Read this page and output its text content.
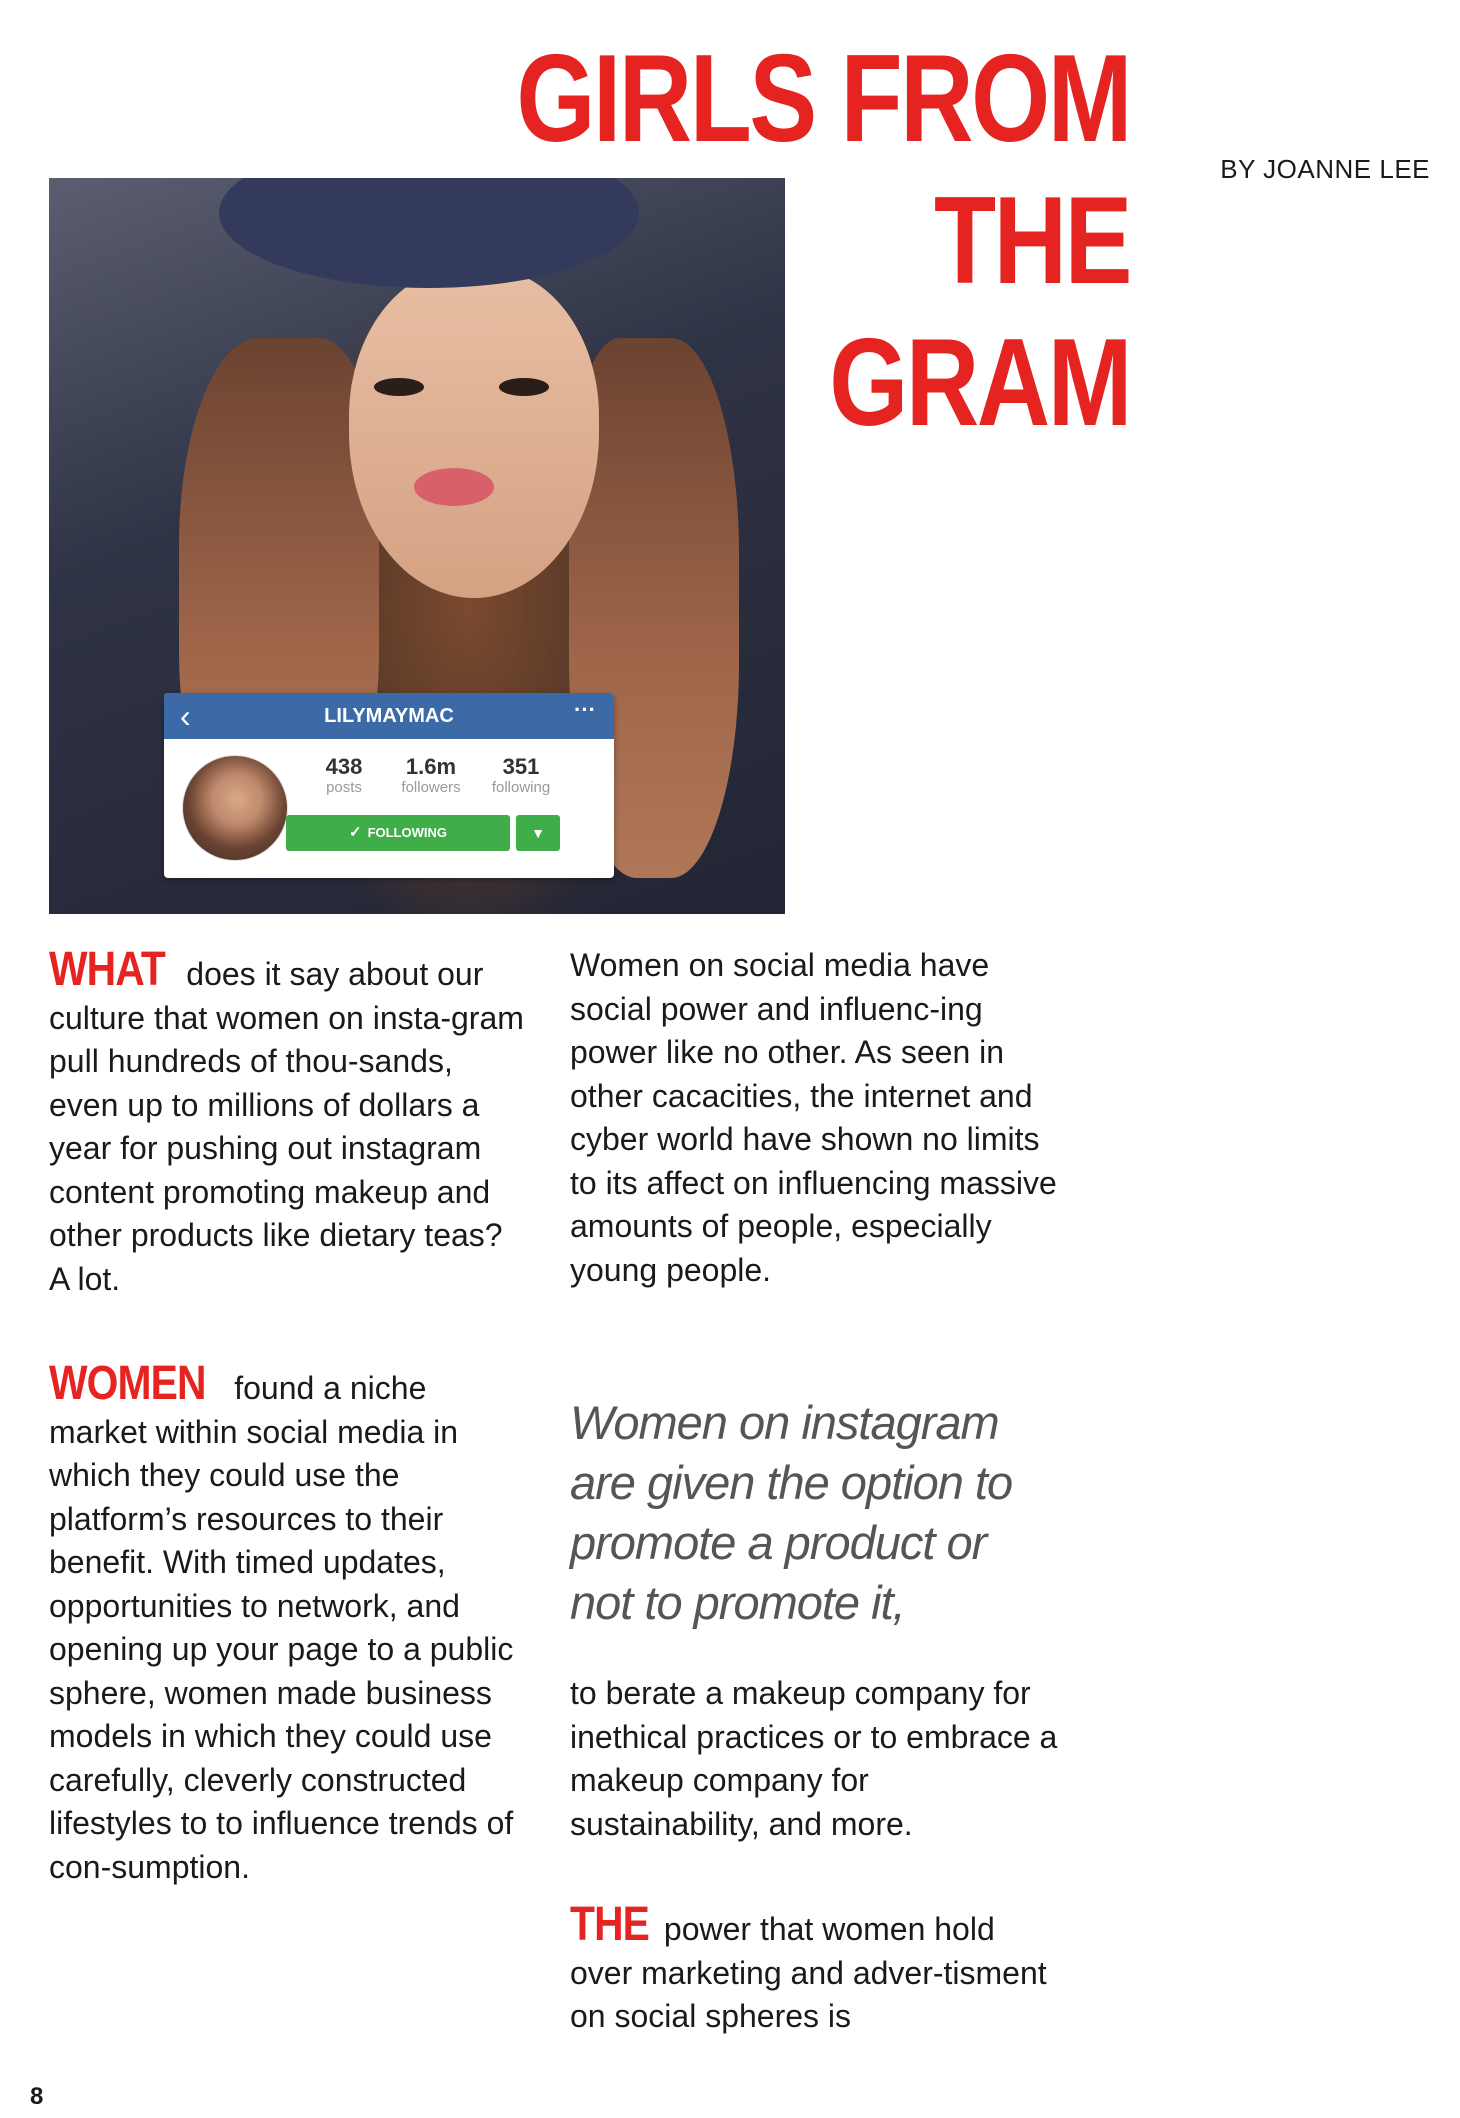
GIRLS FROM THE
GRAM
BY JOANNE LEE
‹	LILYMAYMAC	···
438
posts
1.6m
followers
351
following
✓ FOLLOWING	▼

WHAT does it say about our culture that women on insta-gram pull hundreds of thou-sands, even up to millions of dollars a year for pushing out instagram content promoting makeup and other products like dietary teas? A lot.

WOMEN found a niche market within social media in which they could use the platform’s resources to their benefit. With timed updates, opportunities to network, and opening up your page to a public sphere, women made business models in which they could use carefully, cleverly constructed lifestyles to to influence trends of con-sumption.

Women on social media have social power and influenc-ing power like no other. As seen in other cacacities, the internet and cyber world have shown no limits to its affect on influencing massive amounts of people, especially young people.

Women on instagram are given the option to promote a product or not to promote it,

to berate a makeup company for inethical practices or to embrace a makeup company for sustainability, and more.

THE power that women hold over marketing and adver-tisment on social spheres is

8
